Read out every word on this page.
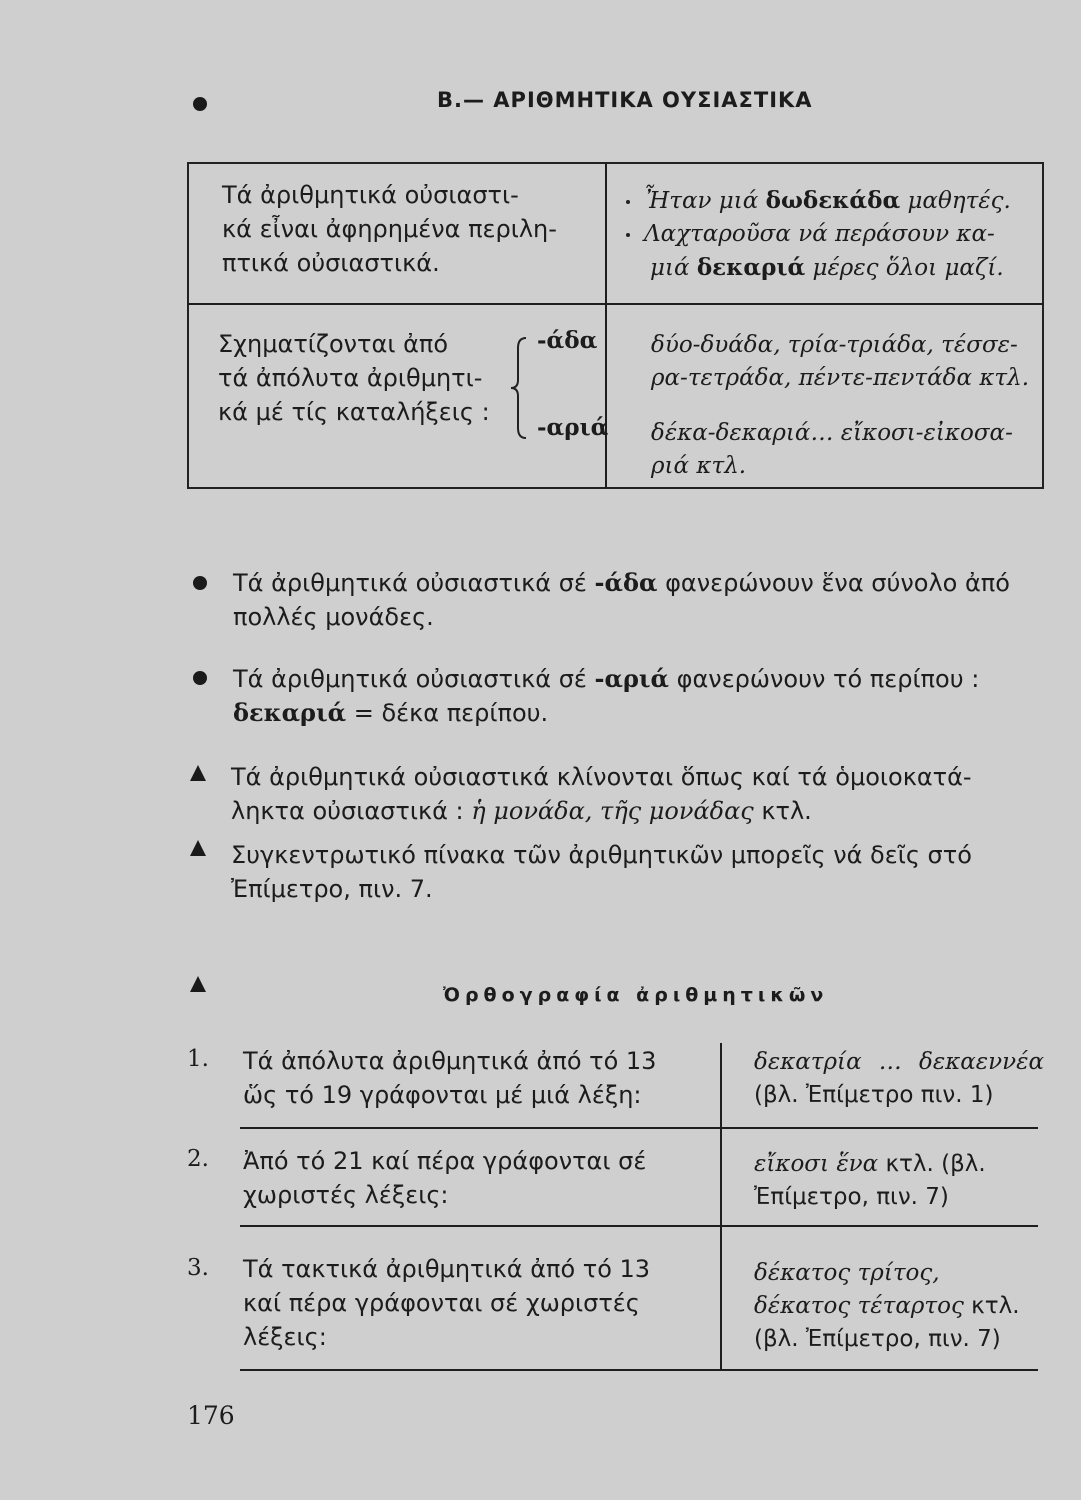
B.— ΑΡΙΘΜΗΤΙΚΑ ΟΥΣΙΑΣΤΙΚΑ
Τά ἀριθμητικά οὐσιαστι-
κά εἶναι ἀφηρημένα περιλη-
πτικά οὐσιαστικά.
Ἦταν μιά δωδεκάδα μαθητές.
Λαχταροῦσα νά περάσουν κα-
μιά δεκαριά μέρες ὅλοι μαζί.
Σχηματίζονται ἀπό
τά ἀπόλυτα ἀριθμητι-
κά μέ τίς καταλήξεις :
-άδα
-αριά
δύο-δυάδα, τρία-τριάδα, τέσσε-
ρα-τετράδα, πέντε-πεντάδα κτλ.
δέκα-δεκαριά… εἴκοσι-εἰκοσα-
ριά κτλ.
Τά ἀριθμητικά οὐσιαστικά σέ -άδα φανερώνουν ἕνα σύνολο ἀπό
πολλές μονάδες.
Τά ἀριθμητικά οὐσιαστικά σέ -αριά φανερώνουν τό περίπου :
δεκαριά = δέκα περίπου.
Τά ἀριθμητικά οὐσιαστικά κλίνονται ὅπως καί τά ὁμοιοκατά-
ληκτα οὐσιαστικά : ἡ μονάδα, τῆς μονάδας κτλ.
Συγκεντρωτικό πίνακα τῶν ἀριθμητικῶν μπορεῖς νά δεῖς στό
Ἐπίμετρο, πιν. 7.
Ὀρθογραφία ἀριθμητικῶν
1. Τά ἀπόλυτα ἀριθμητικά ἀπό τό 13
ὥς τό 19 γράφονται μέ μιά λέξη:
δεκατρία … δεκαεννέα
(βλ. Ἐπίμετρο πιν. 1)
2. Ἀπό τό 21 καί πέρα γράφονται σέ
χωριστές λέξεις:
εἴκοσι ἕνα κτλ. (βλ.
Ἐπίμετρο, πιν. 7)
3. Τά τακτικά ἀριθμητικά ἀπό τό 13
καί πέρα γράφονται σέ χωριστές
λέξεις:
δέκατος τρίτος,
δέκατος τέταρτος κτλ.
(βλ. Ἐπίμετρο, πιν. 7)
176
